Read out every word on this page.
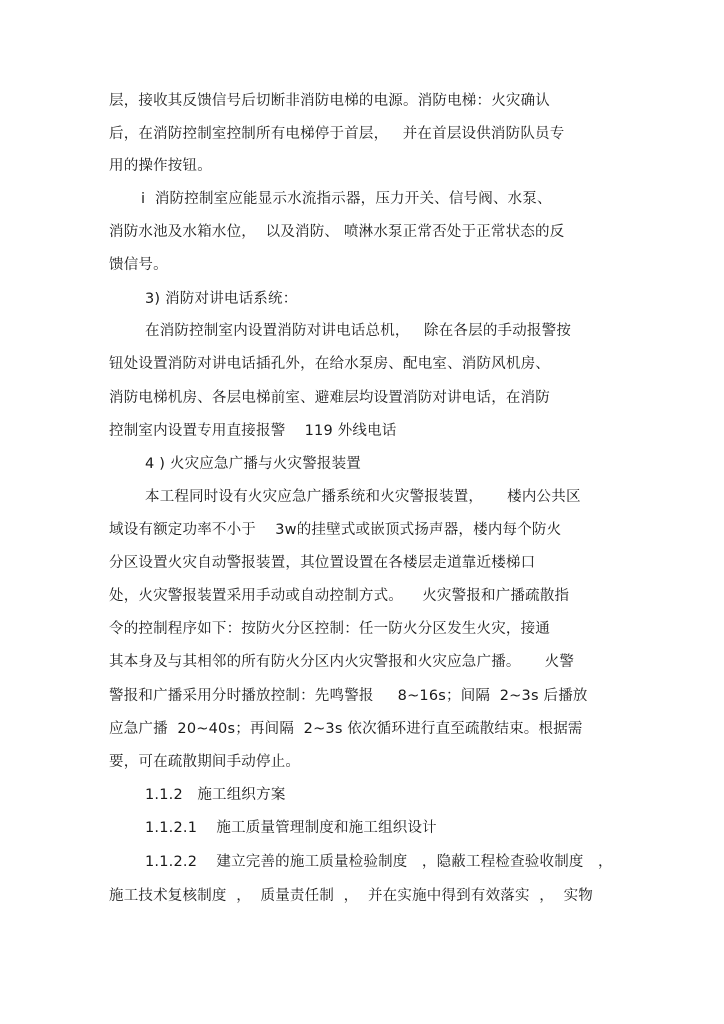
层，接收其反馈信号后切断非消防电梯的电源。消防电梯：火灾确认
后，在消防控制室控制所有电梯停于首层，   并在首层设供消防队员专
用的操作按钮。
i  消防控制室应能显示水流指示器，压力开关、信号阀、水泵、
消防水池及水箱水位，  以及消防、 喷淋水泵正常否处于正常状态的反
馈信号。
3) 消防对讲电话系统：
在消防控制室内设置消防对讲电话总机，   除在各层的手动报警按
钮处设置消防对讲电话插孔外，在给水泵房、配电室、消防风机房、
消防电梯机房、各层电梯前室、避难层均设置消防对讲电话，在消防
控制室内设置专用直接报警    119 外线电话
4 ) 火灾应急广播与火灾警报装置
本工程同时设有火灾应急广播系统和火灾警报装置，     楼内公共区
域设有额定功率不小于    3w的挂壁式或嵌顶式扬声器，楼内每个防火
分区设置火灾自动警报装置，其位置设置在各楼层走道靠近楼梯口
处，火灾警报装置采用手动或自动控制方式。    火灾警报和广播疏散指
令的控制程序如下：按防火分区控制：任一防火分区发生火灾，接通
其本身及与其相邻的所有防火分区内火灾警报和火灾应急广播。     火警
警报和广播采用分时播放控制：先鸣警报     8~16s；间隔  2~3s 后播放
应急广播  20~40s；再间隔  2~3s 依次循环进行直至疏散结束。根据需
要，可在疏散期间手动停止。
1.1.2   施工组织方案
1.1.2.1    施工质量管理制度和施工组织设计
1.1.2.2    建立完善的施工质量检验制度   ，隐蔽工程检查验收制度   ，
施工技术复核制度  ，  质量责任制  ，  并在实施中得到有效落实  ，  实物
